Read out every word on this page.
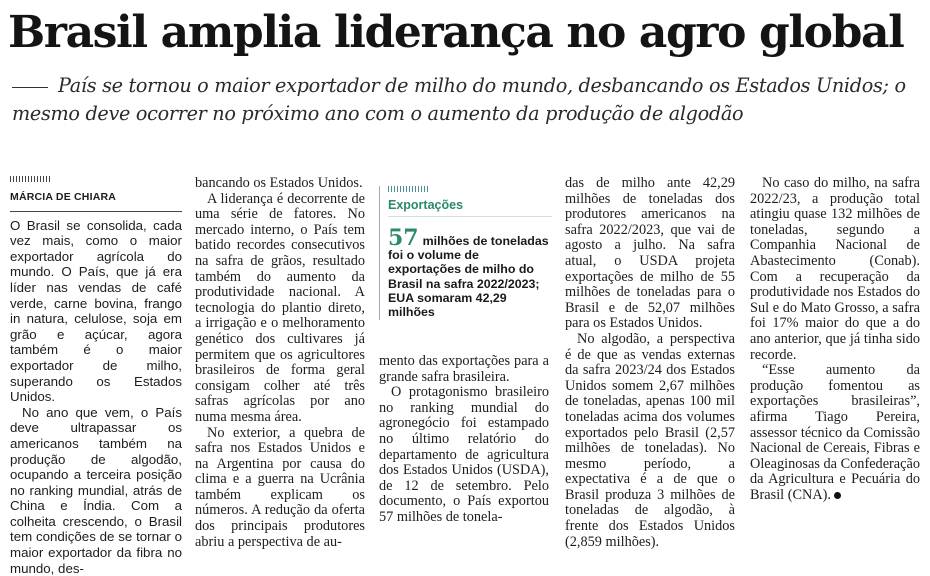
Brasil amplia liderança no agro global

País se tornou o maior exportador de milho do mundo, desbancando os Estados Unidos; o mesmo deve ocorrer no próximo ano com o aumento da produção de algodão

MÁRCIA DE CHIARA

O Brasil se consolida, cada vez mais, como o maior exportador agrícola do mundo. O País, que já era líder nas vendas de café verde, carne bovina, frango in natura, celulose, soja em grão e açúcar, agora também é o maior exportador de milho, superando os Estados Unidos.

No ano que vem, o País deve ultrapassar os americanos também na produção de algodão, ocupando a terceira posição no ranking mundial, atrás de China e Índia. Com a colheita crescendo, o Brasil tem condições de se tornar o maior exportador da fibra no mundo, des-

bancando os Estados Unidos.

A liderança é decorrente de uma série de fatores. No mercado interno, o País tem batido recordes consecutivos na safra de grãos, resultado também do aumento da produtividade nacional. A tecnologia do plantio direto, a irrigação e o melhoramento genético dos cultivares já permitem que os agricultores brasileiros de forma geral consigam colher até três safras agrícolas por ano numa mesma área.

No exterior, a quebra de safra nos Estados Unidos e na Argentina por causa do clima e a guerra na Ucrânia também explicam os números. A redução da oferta dos principais produtores abriu a perspectiva de au-

Exportações

57 milhões de toneladas foi o volume de exportações de milho do Brasil na safra 2022/2023; EUA somaram 42,29 milhões

mento das exportações para a grande safra brasileira.

O protagonismo brasileiro no ranking mundial do agronegócio foi estampado no último relatório do departamento de agricultura dos Estados Unidos (USDA), de 12 de setembro. Pelo documento, o País exportou 57 milhões de tonela-

das de milho ante 42,29 milhões de toneladas dos produtores americanos na safra 2022/2023, que vai de agosto a julho. Na safra atual, o USDA projeta exportações de milho de 55 milhões de toneladas para o Brasil e de 52,07 milhões para os Estados Unidos.

No algodão, a perspectiva é de que as vendas externas da safra 2023/24 dos Estados Unidos somem 2,67 milhões de toneladas, apenas 100 mil toneladas acima dos volumes exportados pelo Brasil (2,57 milhões de toneladas). No mesmo período, a expectativa é a de que o Brasil produza 3 milhões de toneladas de algodão, à frente dos Estados Unidos (2,859 milhões).

No caso do milho, na safra 2022/23, a produção total atingiu quase 132 milhões de toneladas, segundo a Companhia Nacional de Abastecimento (Conab). Com a recuperação da produtividade nos Estados do Sul e do Mato Grosso, a safra foi 17% maior do que a do ano anterior, que já tinha sido recorde.

“Esse aumento da produção fomentou as exportações brasileiras”, afirma Tiago Pereira, assessor técnico da Comissão Nacional de Cereais, Fibras e Oleaginosas da Confederação da Agricultura e Pecuária do Brasil (CNA).
